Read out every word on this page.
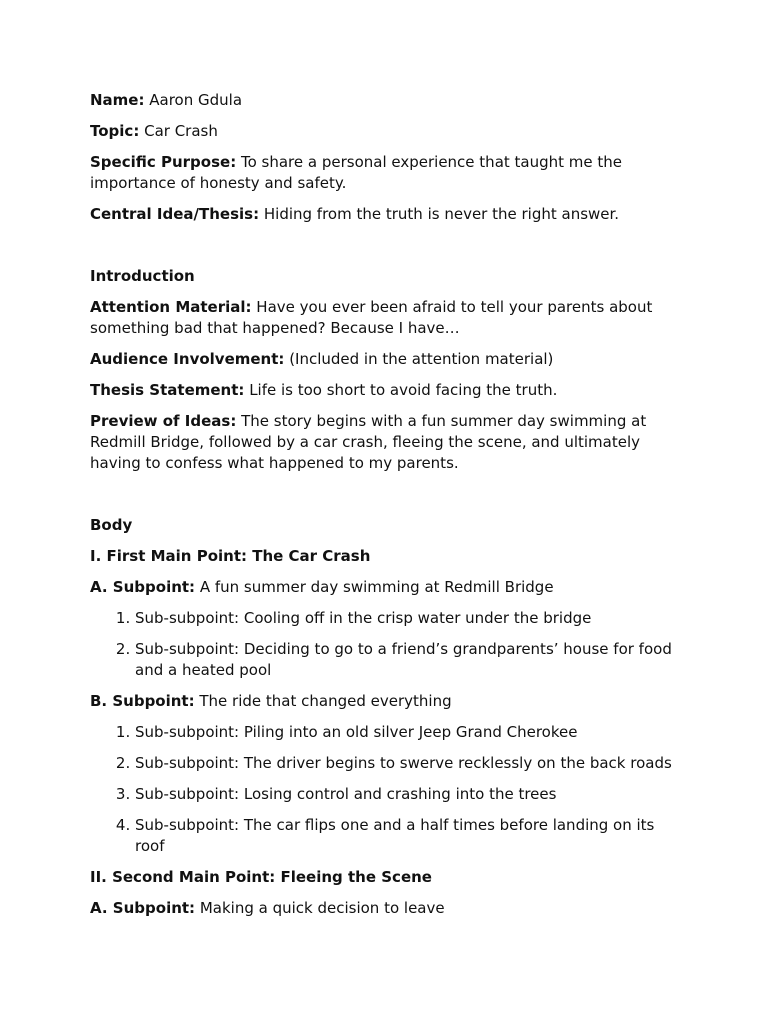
Name: Aaron Gdula

Topic: Car Crash

Specific Purpose: To share a personal experience that taught me the importance of honesty and safety.

Central Idea/Thesis: Hiding from the truth is never the right answer.

Introduction

Attention Material: Have you ever been afraid to tell your parents about something bad that happened? Because I have…

Audience Involvement: (Included in the attention material)

Thesis Statement: Life is too short to avoid facing the truth.

Preview of Ideas: The story begins with a fun summer day swimming at Redmill Bridge, followed by a car crash, fleeing the scene, and ultimately having to confess what happened to my parents.

Body

I. First Main Point: The Car Crash

A. Subpoint: A fun summer day swimming at Redmill Bridge

1. Sub-subpoint: Cooling off in the crisp water under the bridge
2. Sub-subpoint: Deciding to go to a friend’s grandparents’ house for food and a heated pool

B. Subpoint: The ride that changed everything

1. Sub-subpoint: Piling into an old silver Jeep Grand Cherokee
2. Sub-subpoint: The driver begins to swerve recklessly on the back roads
3. Sub-subpoint: Losing control and crashing into the trees
4. Sub-subpoint: The car flips one and a half times before landing on its roof

II. Second Main Point: Fleeing the Scene

A. Subpoint: Making a quick decision to leave
